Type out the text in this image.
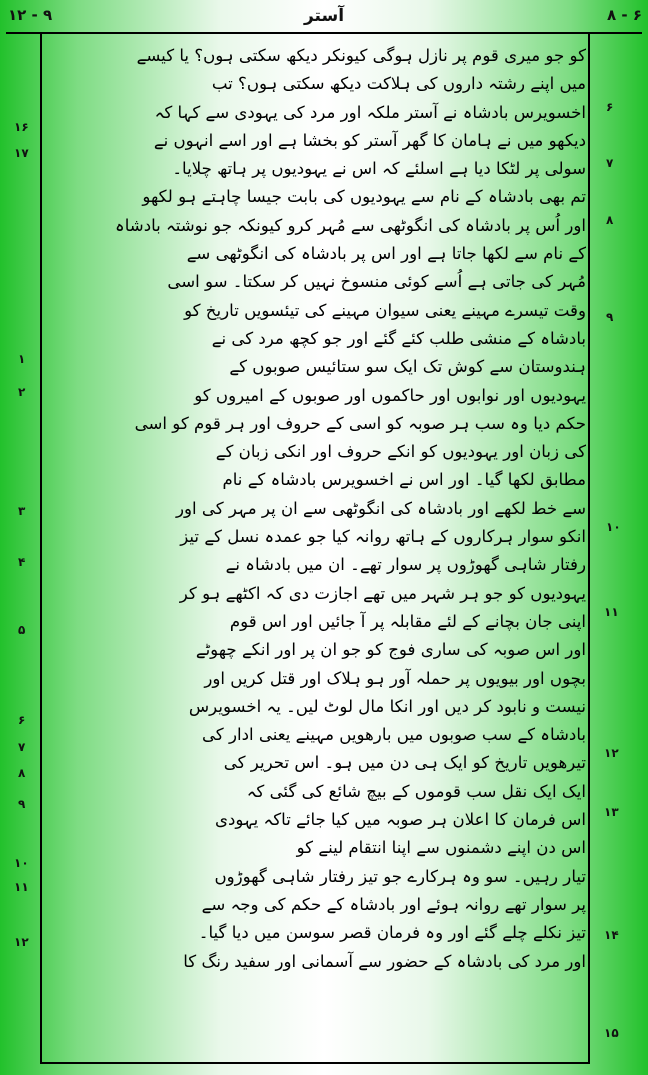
۱۲ - ۹	آستر	۸ - ۶
۶
۷
۸
۹
۱۰
۱۱
۱۲
۱۳
۱۴
۱۵
۱۶
۱۷
۱
۲
۳
۴
۵
۶
۷
۸
۹
۱۰
۱۱
۱۲
کو جو میری قوم پر نازل ہوگی کیونکر دیکھ سکتی ہوں؟ یا کیسے
میں اپنے رشتہ داروں کی ہلاکت دیکھ سکتی ہوں؟ تب
اخسویرس بادشاہ نے آستر ملکہ اور مرد کی یہودی سے کہا کہ
دیکھو میں نے ہامان کا گھر آستر کو بخشا ہے اور اسے انہوں نے
سولی پر لٹکا دیا ہے اسلئے کہ اس نے یہودیوں پر ہاتھ چلایا۔
تم بھی بادشاہ کے نام سے یہودیوں کی بابت جیسا چاہتے ہو لکھو
اور اُس پر بادشاہ کی انگوٹھی سے مُہر کرو کیونکہ جو نوشتہ بادشاہ
کے نام سے لکھا جاتا ہے اور اس پر بادشاہ کی انگوٹھی سے
مُہر کی جاتی ہے اُسے کوئی منسوخ نہیں کر سکتا۔ سو اسی
وقت تیسرے مہینے یعنی سیوان مہینے کی تیئسویں تاریخ کو
بادشاہ کے منشی طلب کئے گئے اور جو کچھ مرد کی نے
ہندوستان سے کوش تک ایک سو ستائیس صوبوں کے
یہودیوں اور نوابوں اور حاکموں اور صوبوں کے امیروں کو
حکم دیا وہ سب ہر صوبہ کو اسی کے حروف اور ہر قوم کو اسی
کی زبان اور یہودیوں کو انکے حروف اور انکی زبان کے
مطابق لکھا گیا۔ اور اس نے اخسویرس بادشاہ کے نام
سے خط لکھے اور بادشاہ کی انگوٹھی سے ان پر مہر کی اور
انکو سوار ہرکاروں کے ہاتھ روانہ کیا جو عمدہ نسل کے تیز
رفتار شاہی گھوڑوں پر سوار تھے۔ ان میں بادشاہ نے
یہودیوں کو جو ہر شہر میں تھے اجازت دی کہ اکٹھے ہو کر
اپنی جان بچانے کے لئے مقابلہ پر آ جائیں اور اس قوم
اور اس صوبہ کی ساری فوج کو جو ان پر اور انکے چھوٹے
بچوں اور بیویوں پر حملہ آور ہو ہلاک اور قتل کریں اور
نیست و نابود کر دیں اور انکا مال لوٹ لیں۔ یہ اخسویرس
بادشاہ کے سب صوبوں میں بارھویں مہینے یعنی ادار کی
تیرھویں تاریخ کو ایک ہی دن میں ہو۔ اس تحریر کی
ایک ایک نقل سب قوموں کے بیچ شائع کی گئی کہ
اس فرمان کا اعلان ہر صوبہ میں کیا جائے تاکہ یہودی
اس دن اپنے دشمنوں سے اپنا انتقام لینے کو
تیار رہیں۔ سو وہ ہرکارے جو تیز رفتار شاہی گھوڑوں
پر سوار تھے روانہ ہوئے اور بادشاہ کے حکم کی وجہ سے
تیز نکلے چلے گئے اور وہ فرمان قصر سوسن میں دیا گیا۔
اور مرد کی بادشاہ کے حضور سے آسمانی اور سفید رنگ کا
